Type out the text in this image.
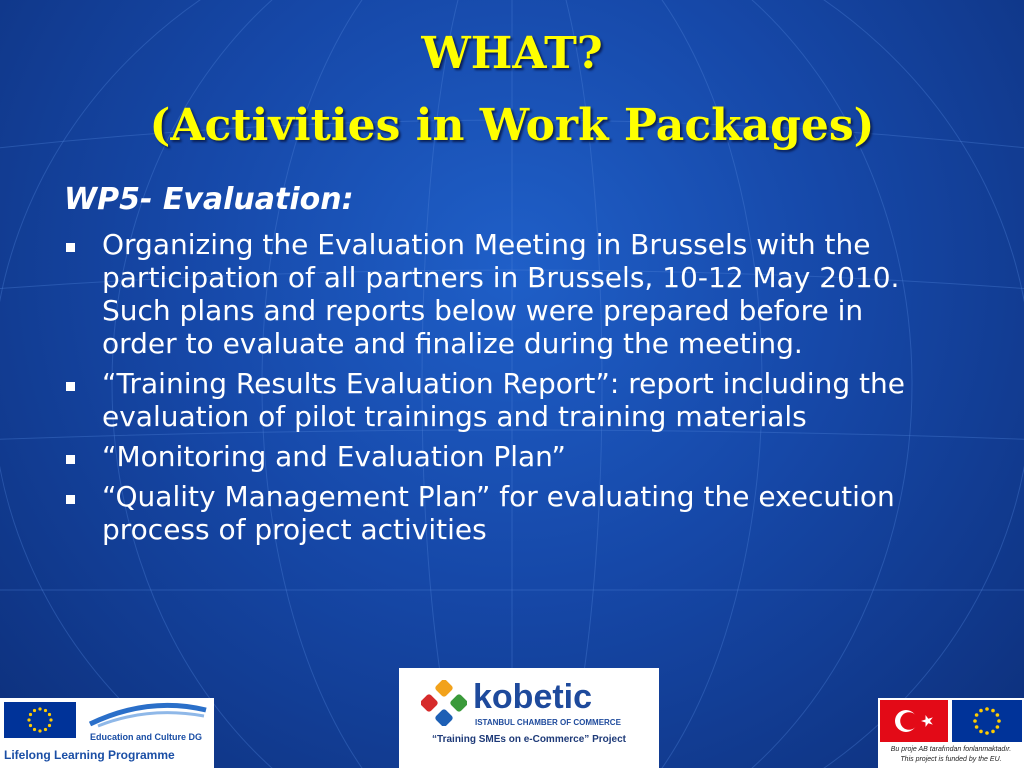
WHAT?
(Activities in Work Packages)

WP5- Evaluation:

Organizing the Evaluation Meeting in Brussels with the participation of all partners in Brussels, 10-12 May 2010. Such plans and reports below were prepared before in order to evaluate and finalize during the meeting.
“Training Results Evaluation Report”: report including the evaluation of pilot trainings and training materials
“Monitoring and Evaluation Plan”
“Quality Management Plan” for evaluating the execution process of project activities
Education and Culture DG
Lifelong Learning Programme
kobetic
ISTANBUL CHAMBER OF COMMERCE
“Training SMEs on e-Commerce” Project
Bu proje AB tarafından fonlanmaktadır.
This project is funded by the EU.
